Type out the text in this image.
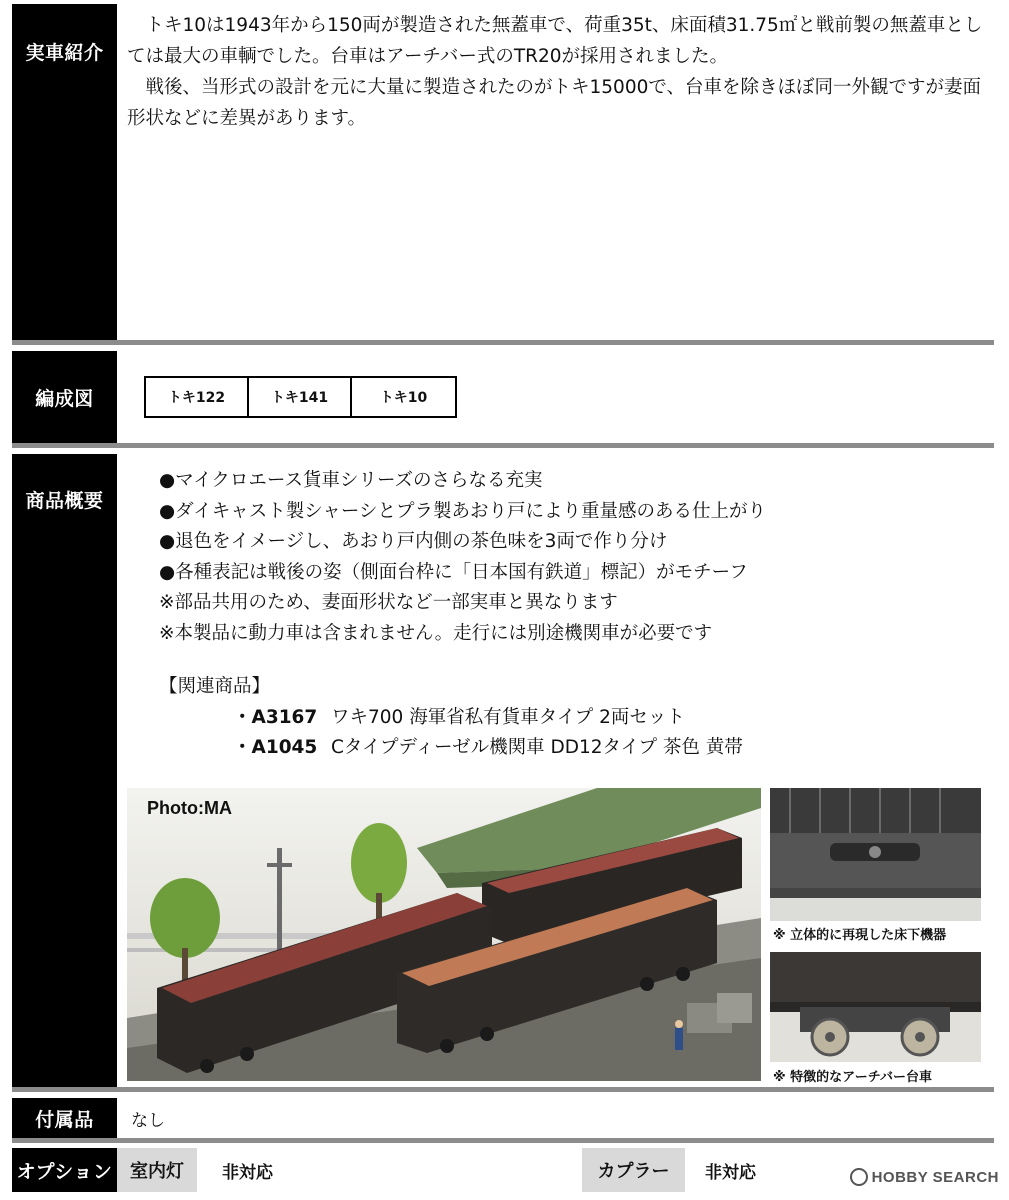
実車紹介

トキ10は1943年から150両が製造された無蓋車で、荷重35t、床面積31.75㎡と戦前製の無蓋車としては最大の車輌でした。台車はアーチバー式のTR20が採用されました。

戦後、当形式の設計を元に大量に製造されたのがトキ15000で、台車を除きほぼ同一外観ですが妻面形状などに差異があります。

編成図	トキ122	トキ141	トキ10
商品概要
●マイクロエース貨車シリーズのさらなる充実
●ダイキャスト製シャーシとプラ製あおり戸により重量感のある仕上がり
●退色をイメージし、あおり戸内側の茶色味を3両で作り分け
●各種表記は戦後の姿（側面台枠に「日本国有鉄道」標記）がモチーフ
※部品共用のため、妻面形状など一部実車と異なります
※本製品に動力車は含まれません。走行には別途機関車が必要です
【関連商品】
・A3167 ワキ700 海軍省私有貨車タイプ 2両セット
・A1045 Cタイプディーゼル機関車 DD12タイプ 茶色 黄帯
Photo:MA
※ 立体的に再現した床下機器
※ 特徴的なアーチバー台車
付属品	なし
オプション 室内灯	非対応	カプラー	非対応	HOBBY SEARCH
